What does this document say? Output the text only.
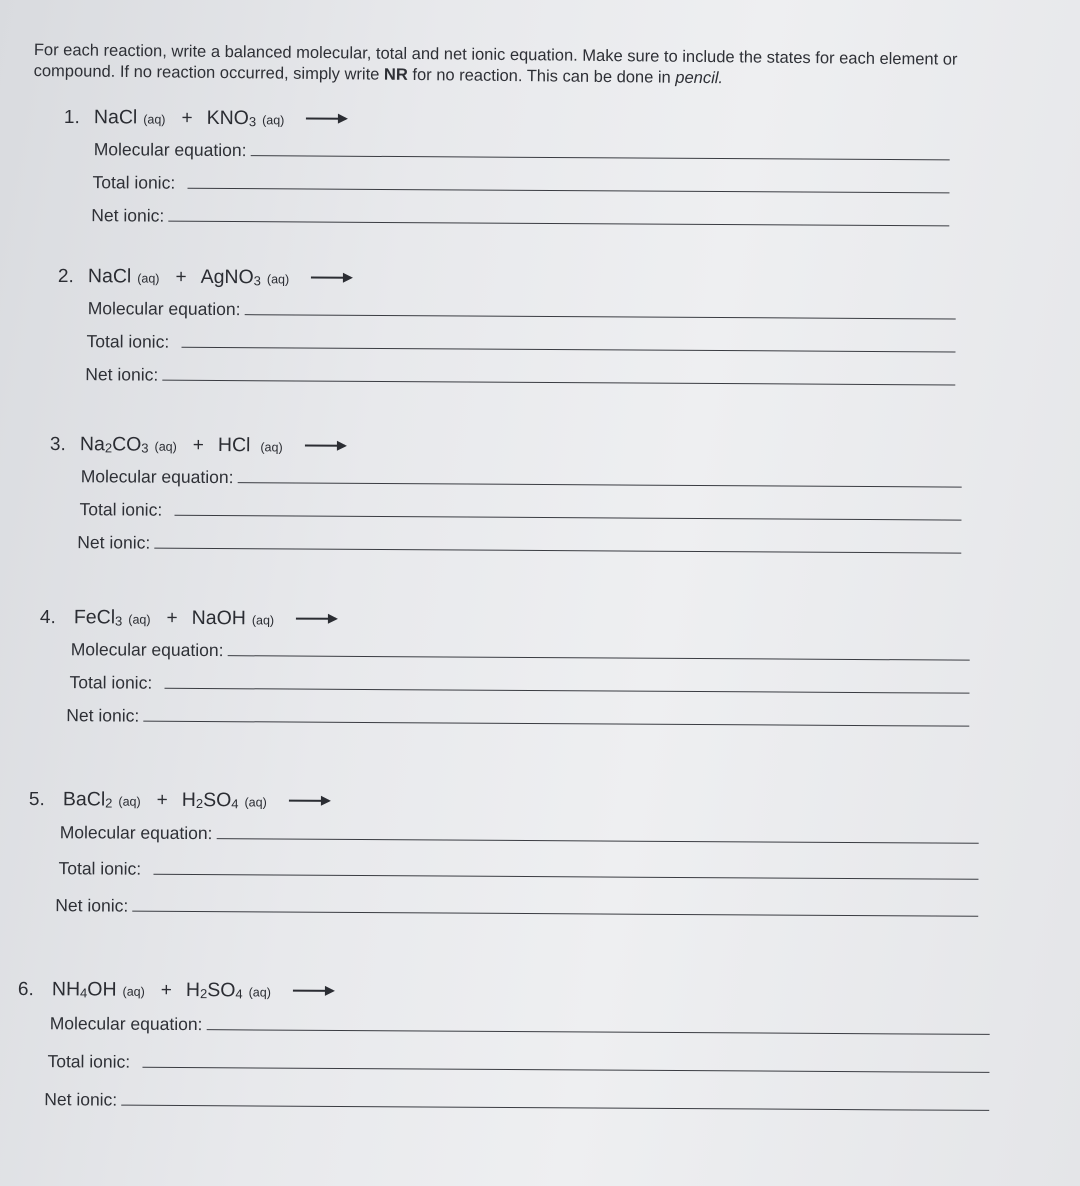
For each reaction, write a balanced molecular, total and net ionic equation. Make sure to include the states for each element or compound. If no reaction occurred, simply write NR for no reaction. This can be done in pencil.
1. NaCl $(aq) + KNO_3$ (aq)
Molecular equation:
Total ionic:
Net ionic:
2. NaCl (aq) + AgNO$_3$ (aq)
Molecular equation:
Total ionic:
Net ionic:
3. $Na_2CO_3$ (aq) + HCl (aq)
Molecular equation:
Total ionic:
Net ionic:
4. FeCl$_3$ (aq) + NaOH (aq)
Molecular equation:
Total ionic:
Net ionic:
5. BaCl$_2$ $(aq) + H_2SO_4$ (aq)
Molecular equation:
Total ionic:
Net ionic:
6. $NH_4OH$ $(aq) + H_2SO_4$ (aq)
Molecular equation:
Total ionic:
Net ionic:
